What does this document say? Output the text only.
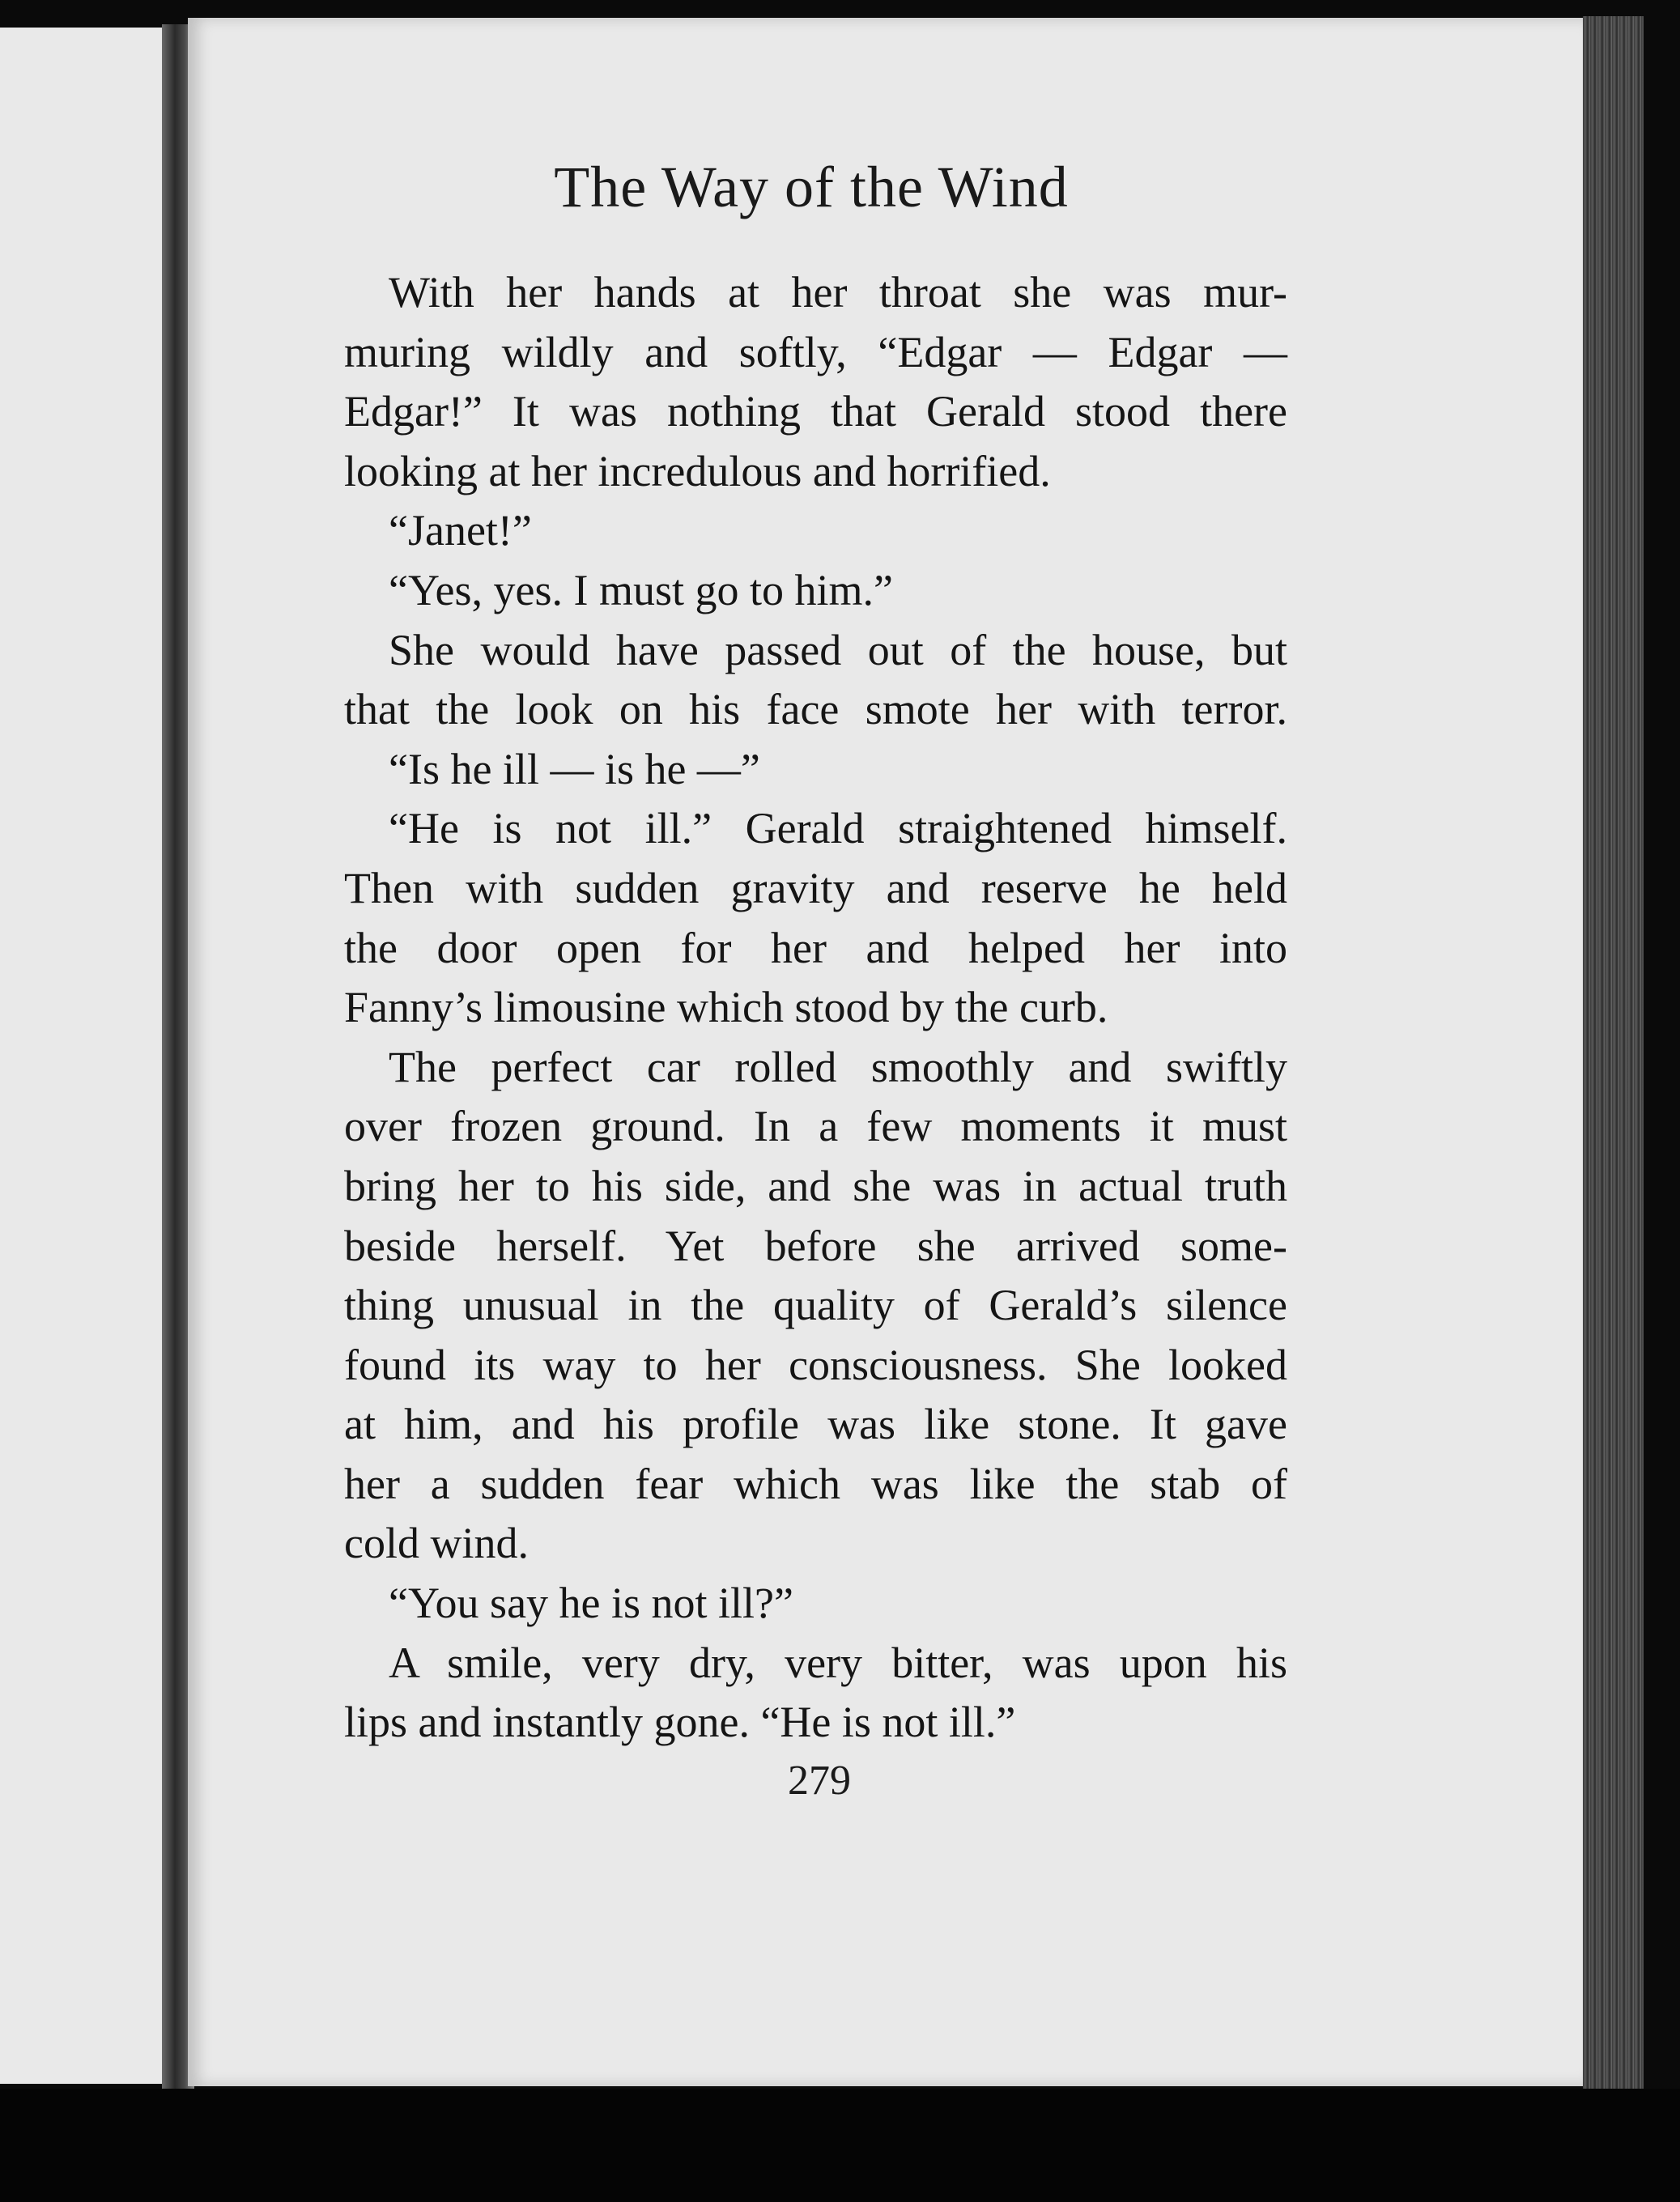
The Way of the Wind
With her hands at her throat she was mur-
muring wildly and softly, “Edgar — Edgar —
Edgar!” It was nothing that Gerald stood there
looking at her incredulous and horrified.
“Janet!”
“Yes, yes. I must go to him.”
She would have passed out of the house, but
that the look on his face smote her with terror.
“Is he ill — is he —”
“He is not ill.” Gerald straightened himself.
Then with sudden gravity and reserve he held
the door open for her and helped her into
Fanny’s limousine which stood by the curb.
The perfect car rolled smoothly and swiftly
over frozen ground. In a few moments it must
bring her to his side, and she was in actual truth
beside herself. Yet before she arrived some-
thing unusual in the quality of Gerald’s silence
found its way to her consciousness. She looked
at him, and his profile was like stone. It gave
her a sudden fear which was like the stab of
cold wind.
“You say he is not ill?”
A smile, very dry, very bitter, was upon his
lips and instantly gone. “He is not ill.”

279
